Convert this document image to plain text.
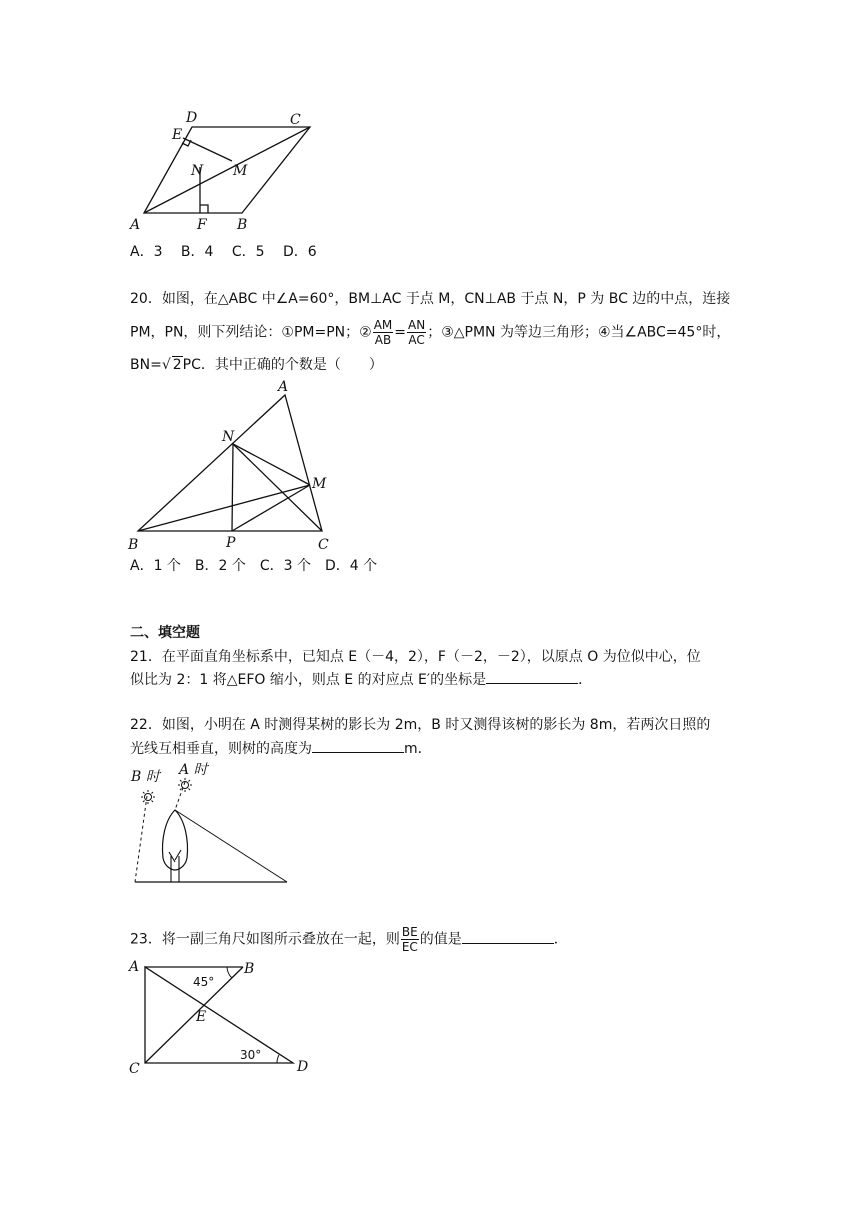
D	C
E
N M
A	F B
A．3　 B．4　 C．5　 D．6
20．如图，在△ABC 中∠A=60°，BM⊥AC 于点 M，CN⊥AB 于点 N，P 为 BC 边的中点，连接
PM，PN，则下列结论：①PM=PN；② $\frac{AM}{AB} = \frac{AN}{AC}$ ；③△PMN 为等边三角形；④当∠ABC=45°时，
BN=√ 2PC．其中正确的个数是（　　）
A
N
M
B	P	C
A．1 个　B．2 个　C．3 个　D．4 个
二、填空题
21．在平面直角坐标系中，已知点 E（－4，2），F（－2，－2），以原点 O 为位似中心，位
似比为 2：1 将△EFO 缩小，则点 E 的对应点 E′的坐标是	．
22．如图，小明在 A 时测得某树的影长为 2m，B 时又测得该树的影长为 8m，若两次日照的
光线互相垂直，则树的高度为	m．
B 时 A 时
23．将一副三角尺如图所示叠放在一起，则 $\frac{BE}{EC}$ 的值是	．
A	B
E
C	D
45°
30°
